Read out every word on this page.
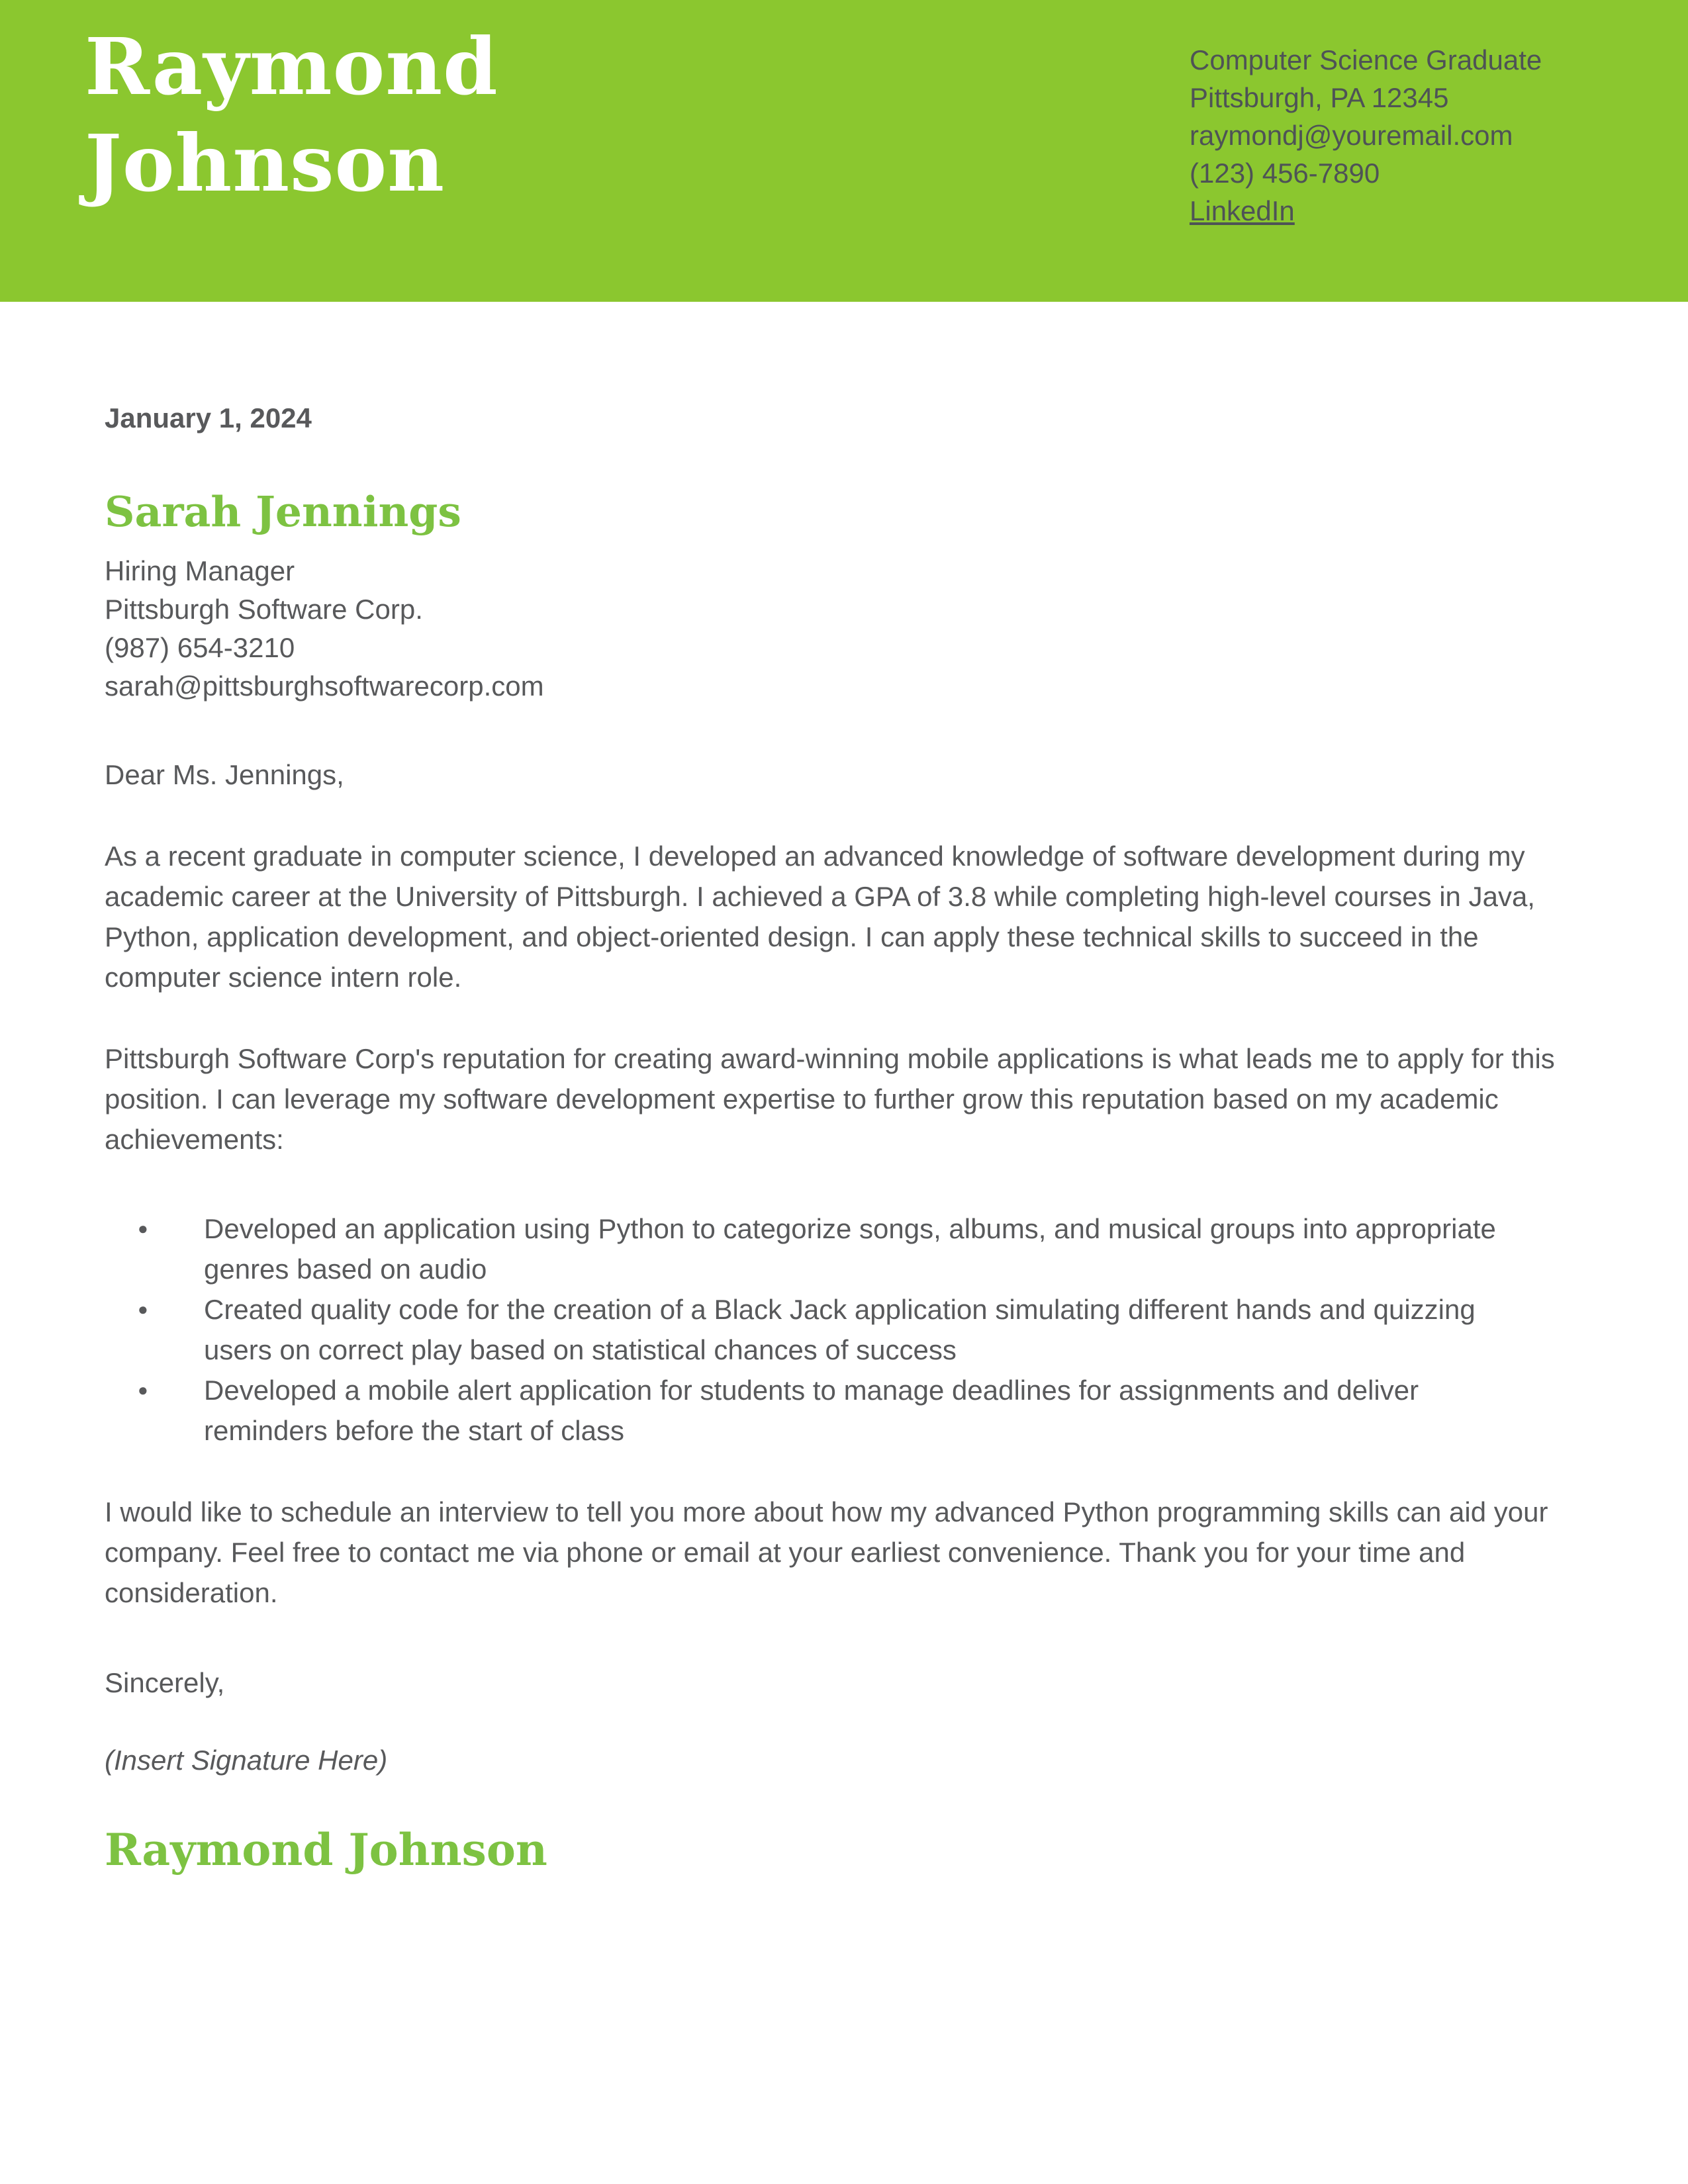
Raymond
Johnson
Computer Science Graduate
Pittsburgh, PA 12345
raymondj@youremail.com
(123) 456-7890
LinkedIn

January 1, 2024

Sarah Jennings
Hiring Manager
Pittsburgh Software Corp.
(987) 654-3210
sarah@pittsburghsoftwarecorp.com

Dear Ms. Jennings,

As a recent graduate in computer science, I developed an advanced knowledge of software development during my academic career at the University of Pittsburgh. I achieved a GPA of 3.8 while completing high-level courses in Java, Python, application development, and object-oriented design. I can apply these technical skills to succeed in the computer science intern role.

Pittsburgh Software Corp's reputation for creating award-winning mobile applications is what leads me to apply for this position. I can leverage my software development expertise to further grow this reputation based on my academic achievements:

●	Developed an application using Python to categorize songs, albums, and musical groups into appropriate genres based on audio
●	Created quality code for the creation of a Black Jack application simulating different hands and quizzing users on correct play based on statistical chances of success
●	Developed a mobile alert application for students to manage deadlines for assignments and deliver reminders before the start of class

I would like to schedule an interview to tell you more about how my advanced Python programming skills can aid your company. Feel free to contact me via phone or email at your earliest convenience. Thank you for your time and consideration.

Sincerely,

(Insert Signature Here)

Raymond Johnson
